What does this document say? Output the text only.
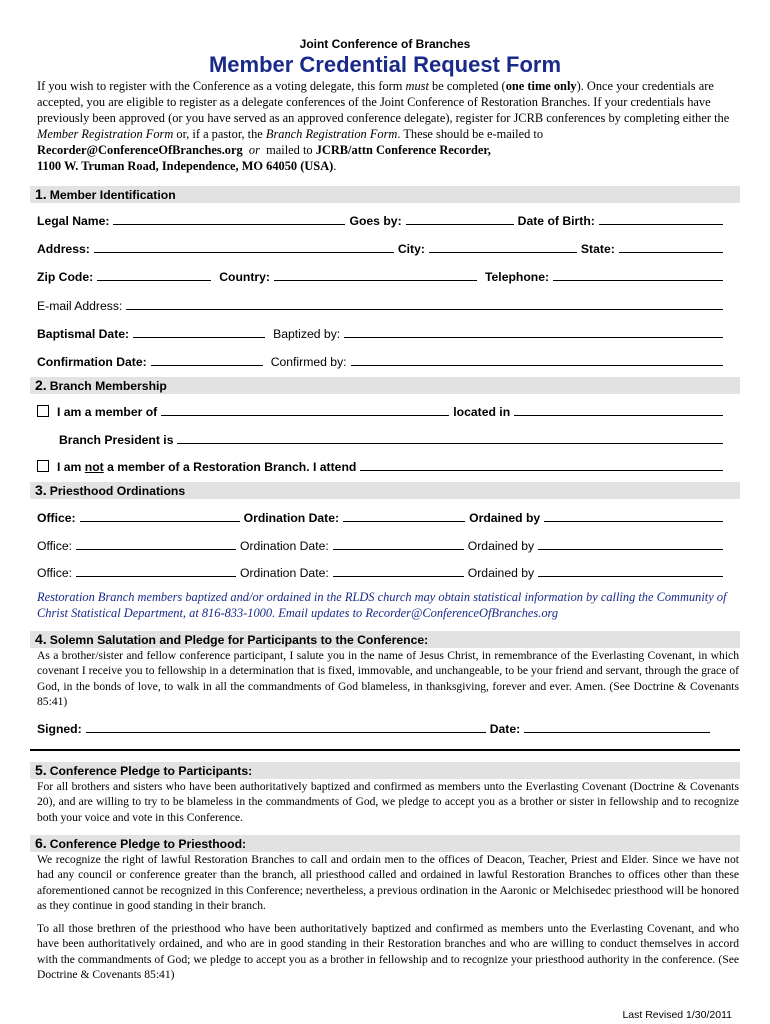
Joint Conference of Branches
Member Credential Request Form
If you wish to register with the Conference as a voting delegate, this form must be completed (one time only). Once your credentials are accepted, you are eligible to register as a delegate conferences of the Joint Conference of Restoration Branches. If your credentials have previously been approved (or you have served as an approved conference delegate), register for JCRB conferences by completing either the Member Registration Form or, if a pastor, the Branch Registration Form. These should be e-mailed to Recorder@ConferenceOfBranches.org or  mailed to JCRB/attn Conference Recorder,
1100 W. Truman Road, Independence, MO 64050 (USA).
1. Member Identification
Legal Name:	Goes by:	Date of Birth:
Address:	City:	State:
Zip Code:	Country:	Telephone:
E-mail Address:
Baptismal Date:	Baptized by:
Confirmation Date:	Confirmed by:
2. Branch Membership
I am a member of	located in
Branch President is
I am not a member of a Restoration Branch. I attend
3. Priesthood Ordinations
Office:	Ordination Date:	Ordained by
Office:	Ordination Date:	Ordained by
Office:	Ordination Date:	Ordained by
Restoration Branch members baptized and/or ordained in the RLDS church may obtain statistical information by calling the Community of Christ Statistical Department, at 816-833-1000. Email updates to Recorder@ConferenceOfBranches.org
4. Solemn Salutation and Pledge for Participants to the Conference:
As a brother/sister and fellow conference participant, I salute you in the name of Jesus Christ, in remembrance of the Everlasting Covenant, in which covenant I receive you to fellowship in a determination that is fixed, immovable, and unchangeable, to be your friend and servant, through the grace of God, in the bonds of love, to walk in all the commandments of God blameless, in thanksgiving, forever and ever. Amen. (See Doctrine & Covenants 85:41)
Signed:	Date:
5. Conference Pledge to Participants:
For all brothers and sisters who have been authoritatively baptized and confirmed as members unto the Everlasting Covenant (Doctrine & Covenants 20), and are willing to try to be blameless in the commandments of God, we pledge to accept you as a brother or sister in fellowship and to recognize both your voice and vote in this Conference.
6. Conference Pledge to Priesthood:
We recognize the right of lawful Restoration Branches to call and ordain men to the offices of Deacon, Teacher, Priest and Elder. Since we have not had any council or conference greater than the branch, all priesthood called and ordained in lawful Restoration Branches to offices other than these aforementioned cannot be recognized in this Conference; nevertheless, a previous ordination in the Aaronic or Melchisedec priesthood will be honored as they continue in good standing in their branch.
To all those brethren of the priesthood who have been authoritatively baptized and confirmed as members unto the Everlasting Covenant, and who have been authoritatively ordained, and who are in good standing in their Restoration branches and who are willing to conduct themselves in accord with the commandments of God; we pledge to accept you as a brother in fellowship and to recognize your priesthood authority in the conference. (See Doctrine & Covenants 85:41)
Last Revised 1/30/2011
